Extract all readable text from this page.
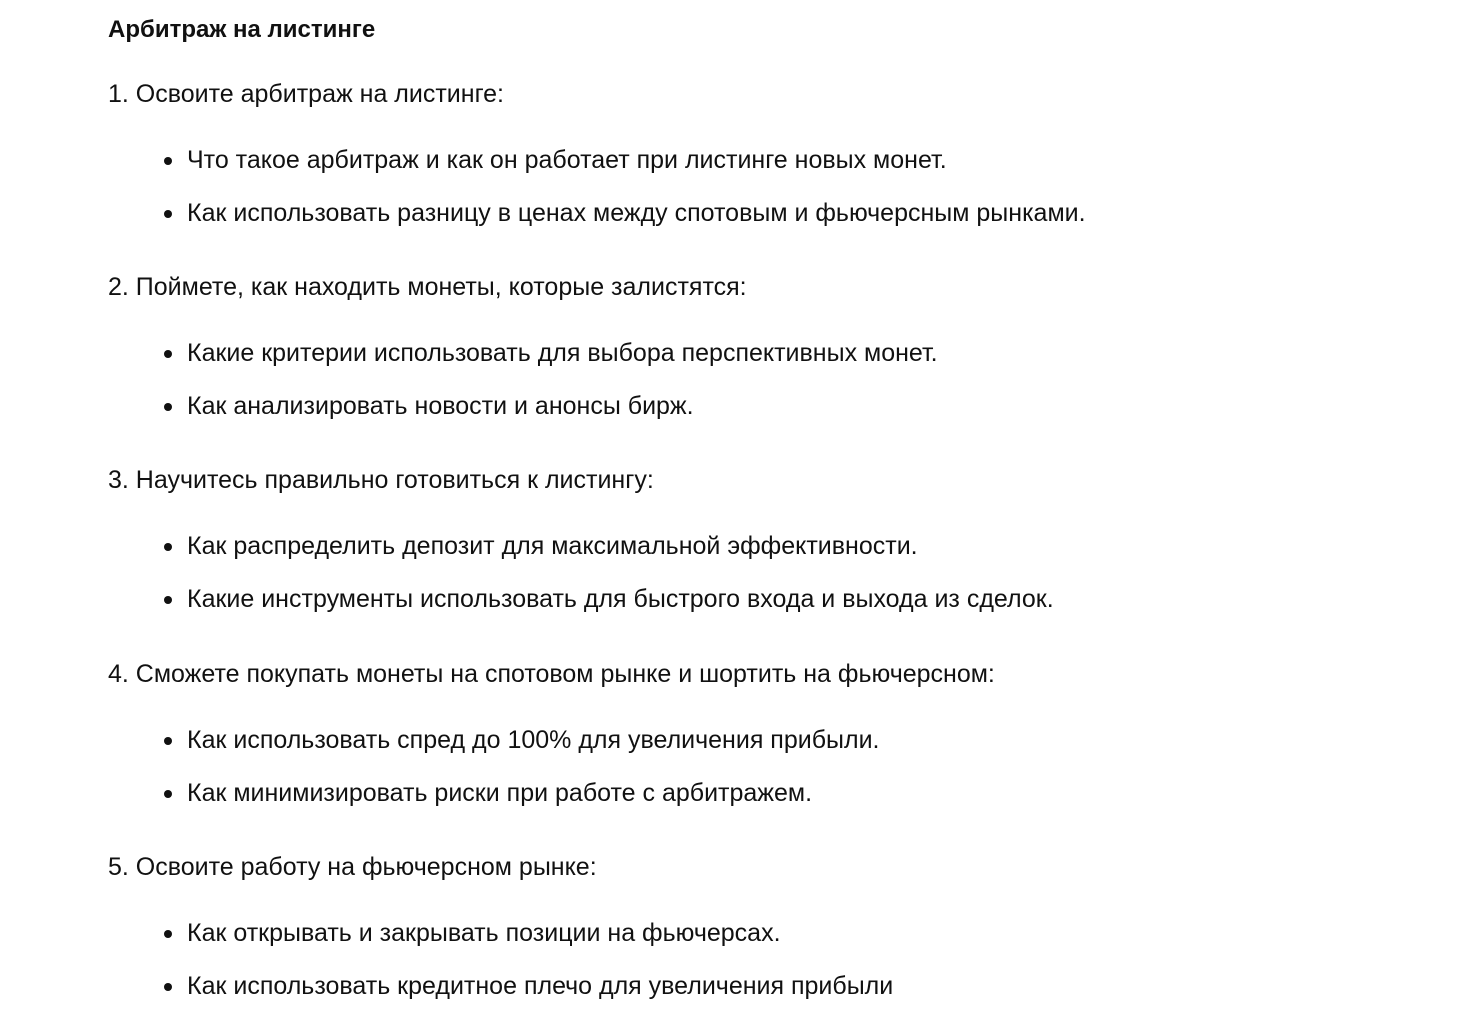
Арбитраж на листинге

1. Освоите арбитраж на листинге:

Что такое арбитраж и как он работает при листинге новых монет.
Как использовать разницу в ценах между спотовым и фьючерсным рынками.

2. Поймете, как находить монеты, которые залистятся:

Какие критерии использовать для выбора перспективных монет.
Как анализировать новости и анонсы бирж.

3. Научитесь правильно готовиться к листингу:

Как распределить депозит для максимальной эффективности.
Какие инструменты использовать для быстрого входа и выхода из сделок.

4. Сможете покупать монеты на спотовом рынке и шортить на фьючерсном:

Как использовать спред до 100% для увеличения прибыли.
Как минимизировать риски при работе с арбитражем.

5. Освоите работу на фьючерсном рынке:

Как открывать и закрывать позиции на фьючерсах.
Как использовать кредитное плечо для увеличения прибыли
